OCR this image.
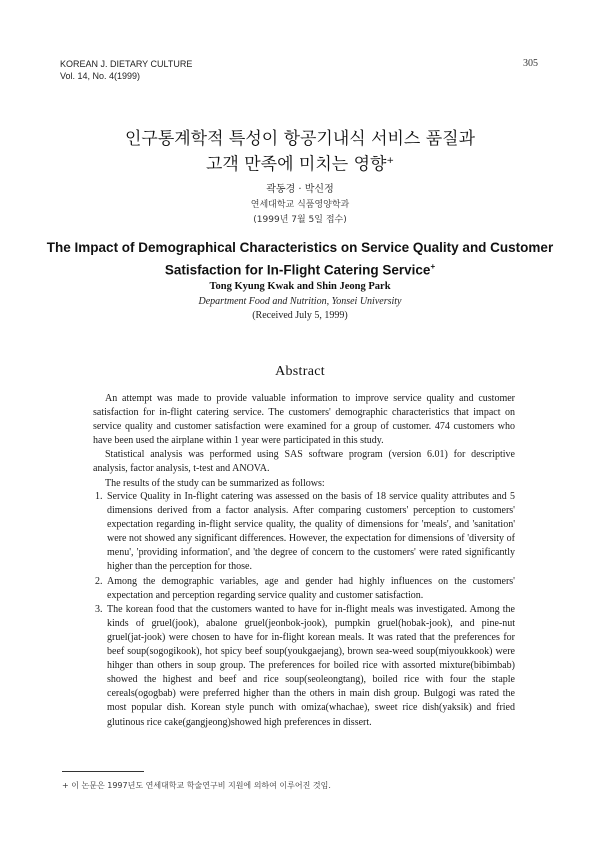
KOREAN J. DIETARY CULTURE
Vol. 14, No. 4(1999)
305
인구통계학적 특성이 항공기내식 서비스 품질과
고객 만족에 미치는 영향+
곽동경 · 박신정
연세대학교 식품영양학과
(1999년 7월 5일 접수)
The Impact of Demographical Characteristics on Service Quality and Customer
Satisfaction for In-Flight Catering Service+
Tong Kyung Kwak and Shin Jeong Park
Department Food and Nutrition, Yonsei University
(Received July 5, 1999)
Abstract

An attempt was made to provide valuable information to improve service quality and customer satisfaction for in-flight catering service. The customers' demographic characteristics that impact on service quality and customer satisfaction were examined for a group of customer. 474 customers who have been used the airplane within 1 year were participated in this study.

Statistical analysis was performed using SAS software program (version 6.01) for descriptive analysis, factor analysis, t-test and ANOVA.

The results of the study can be summarized as follows:

1. Service Quality in In-flight catering was assessed on the basis of 18 service quality attributes and 5 dimensions derived from a factor analysis. After comparing customers' perception to customers' expectation regarding in-flight service quality, the quality of dimensions for 'meals', and 'sanitation' were not showed any significant differences. However, the expectation for dimensions of 'diversity of menu', 'providing information', and 'the degree of concern to the customers' were rated significantly higher than the perception for those.
2. Among the demographic variables, age and gender had highly influences on the customers' expectation and perception regarding service quality and customer satisfaction.
3. The korean food that the customers wanted to have for in-flight meals was investigated. Among the kinds of gruel(jook), abalone gruel(jeonbok-jook), pumpkin gruel(hobak-jook), and pine-nut gruel(jat-jook) were chosen to have for in-flight korean meals. It was rated that the preferences for beef soup(sogogikook), hot spicy beef soup(youkgaejang), brown sea-weed soup(miyoukkook) were hihger than others in soup group. The preferences for boiled rice with assorted mixture(bibimbab) showed the highest and beef and rice soup(seoleongtang), boiled rice with four the staple cereals(ogogbab) were preferred higher than the others in main dish group. Bulgogi was rated the most popular dish. Korean style punch with omiza(whachae), sweet rice dish(yaksik) and fried glutinous rice cake(gangjeong)showed high preferences in dissert.
+ 이 논문은 1997년도 연세대학교 학술연구비 지원에 의하여 이루어진 것임.
